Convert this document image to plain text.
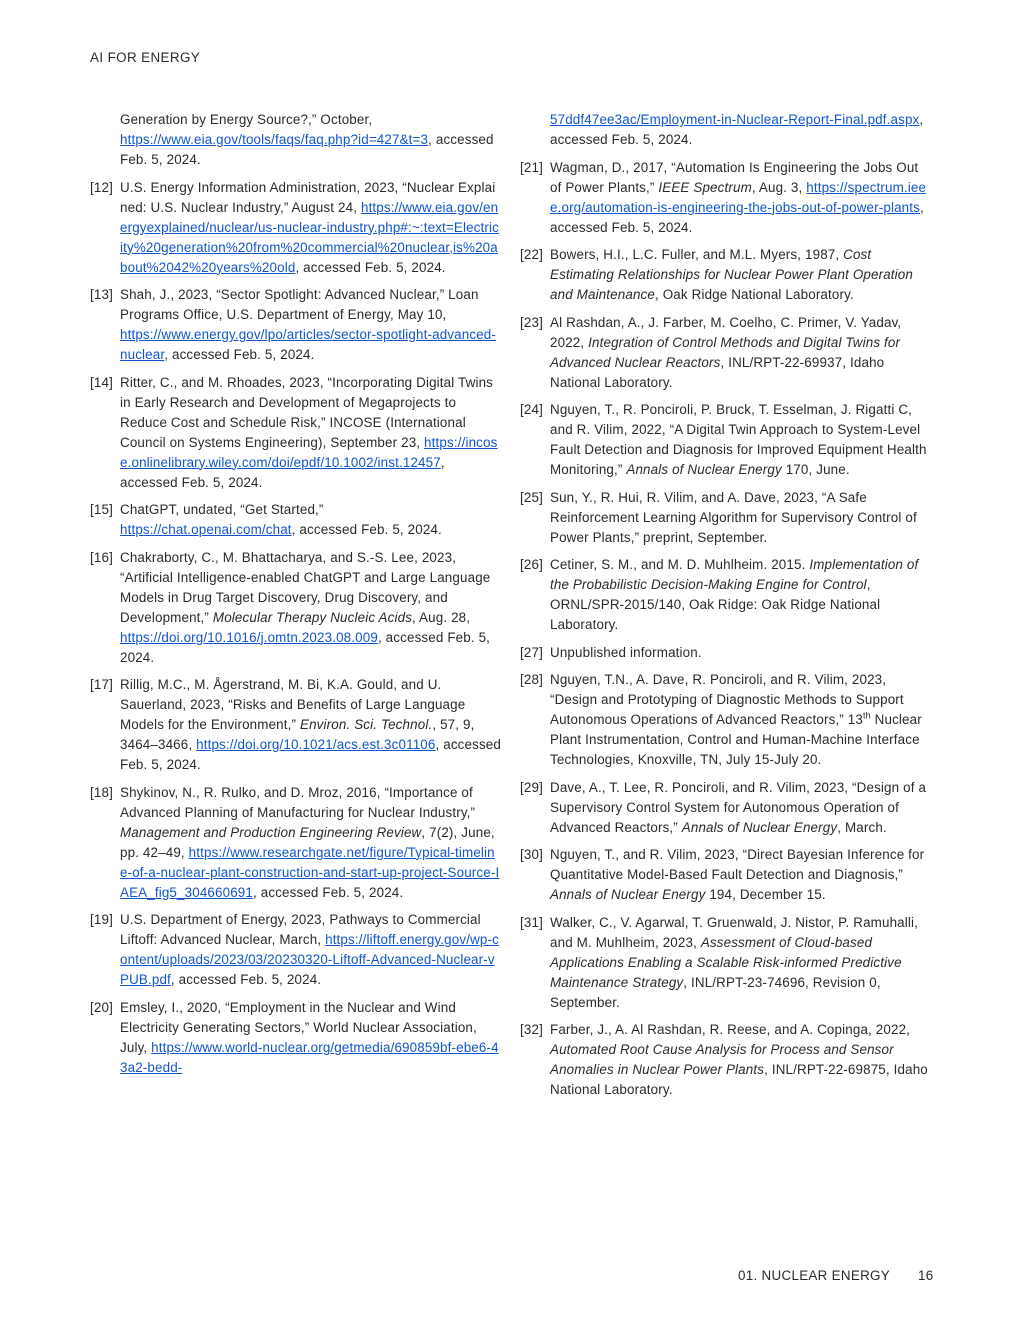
AI FOR ENERGY
Generation by Energy Source?,” October, https://www.eia.gov/tools/faqs/faq.php?id=427&t=3, accessed Feb. 5, 2024.
[12] U.S. Energy Information Administration, 2023, “Nuclear Explained: U.S. Nuclear Industry,” August 24, https://www.eia.gov/energyexplained/nuclear/us-nuclear-industry.php#:~:text=Electricity%20generation%20from%20commercial%20nuclear,is%20about%2042%20years%20old, accessed Feb. 5, 2024.
[13] Shah, J., 2023, “Sector Spotlight: Advanced Nuclear,” Loan Programs Office, U.S. Department of Energy, May 10, https://www.energy.gov/lpo/articles/sector-spotlight-advanced-nuclear, accessed Feb. 5, 2024.
[14] Ritter, C., and M. Rhoades, 2023, “Incorporating Digital Twins in Early Research and Development of Megaprojects to Reduce Cost and Schedule Risk,” INCOSE (International Council on Systems Engineering), September 23, https://incose.onlinelibrary.wiley.com/doi/epdf/10.1002/inst.12457, accessed Feb. 5, 2024.
[15] ChatGPT, undated, “Get Started,” https://chat.openai.com/chat, accessed Feb. 5, 2024.
[16] Chakraborty, C., M. Bhattacharya, and S.-S. Lee, 2023, “Artificial Intelligence-enabled ChatGPT and Large Language Models in Drug Target Discovery, Drug Discovery, and Development,” Molecular Therapy Nucleic Acids, Aug. 28, https://doi.org/10.1016/j.omtn.2023.08.009, accessed Feb. 5, 2024.
[17] Rillig, M.C., M. Ågerstrand, M. Bi, K.A. Gould, and U. Sauerland, 2023, “Risks and Benefits of Large Language Models for the Environment,” Environ. Sci. Technol., 57, 9, 3464–3466, https://doi.org/10.1021/acs.est.3c01106, accessed Feb. 5, 2024.
[18] Shykinov, N., R. Rulko, and D. Mroz, 2016, “Importance of Advanced Planning of Manufacturing for Nuclear Industry,” Management and Production Engineering Review, 7(2), June, pp. 42–49, https://www.researchgate.net/figure/Typical-timeline-of-a-nuclear-plant-construction-and-start-up-project-Source-IAEA_fig5_304660691, accessed Feb. 5, 2024.
[19] U.S. Department of Energy, 2023, Pathways to Commercial Liftoff: Advanced Nuclear, March, https://liftoff.energy.gov/wp-content/uploads/2023/03/20230320-Liftoff-Advanced-Nuclear-vPUB.pdf, accessed Feb. 5, 2024.
[20] Emsley, I., 2020, “Employment in the Nuclear and Wind Electricity Generating Sectors,” World Nuclear Association, July, https://www.world-nuclear.org/getmedia/690859bf-ebe6-43a2-bedd-
57ddf47ee3ac/Employment-in-Nuclear-Report-Final.pdf.aspx, accessed Feb. 5, 2024.
[21] Wagman, D., 2017, “Automation Is Engineering the Jobs Out of Power Plants,” IEEE Spectrum, Aug. 3, https://spectrum.ieee.org/automation-is-engineering-the-jobs-out-of-power-plants, accessed Feb. 5, 2024.
[22] Bowers, H.I., L.C. Fuller, and M.L. Myers, 1987, Cost Estimating Relationships for Nuclear Power Plant Operation and Maintenance, Oak Ridge National Laboratory.
[23] Al Rashdan, A., J. Farber, M. Coelho, C. Primer, V. Yadav, 2022, Integration of Control Methods and Digital Twins for Advanced Nuclear Reactors, INL/RPT-22-69937, Idaho National Laboratory.
[24] Nguyen, T., R. Ponciroli, P. Bruck, T. Esselman, J. Rigatti C, and R. Vilim, 2022, “A Digital Twin Approach to System-Level Fault Detection and Diagnosis for Improved Equipment Health Monitoring,” Annals of Nuclear Energy 170, June.
[25] Sun, Y., R. Hui, R. Vilim, and A. Dave, 2023, “A Safe Reinforcement Learning Algorithm for Supervisory Control of Power Plants,” preprint, September.
[26] Cetiner, S. M., and M. D. Muhlheim. 2015. Implementation of the Probabilistic Decision-Making Engine for Control, ORNL/SPR-2015/140, Oak Ridge: Oak Ridge National Laboratory.
[27] Unpublished information.
[28] Nguyen, T.N., A. Dave, R. Ponciroli, and R. Vilim, 2023, “Design and Prototyping of Diagnostic Methods to Support Autonomous Operations of Advanced Reactors,” 13th Nuclear Plant Instrumentation, Control and Human-Machine Interface Technologies, Knoxville, TN, July 15-July 20.
[29] Dave, A., T. Lee, R. Ponciroli, and R. Vilim, 2023, “Design of a Supervisory Control System for Autonomous Operation of Advanced Reactors,” Annals of Nuclear Energy, March.
[30] Nguyen, T., and R. Vilim, 2023, “Direct Bayesian Inference for Quantitative Model-Based Fault Detection and Diagnosis,” Annals of Nuclear Energy 194, December 15.
[31] Walker, C., V. Agarwal, T. Gruenwald, J. Nistor, P. Ramuhalli, and M. Muhlheim, 2023, Assessment of Cloud-based Applications Enabling a Scalable Risk-informed Predictive Maintenance Strategy, INL/RPT-23-74696, Revision 0, September.
[32] Farber, J., A. Al Rashdan, R. Reese, and A. Copinga, 2022, Automated Root Cause Analysis for Process and Sensor Anomalies in Nuclear Power Plants, INL/RPT-22-69875, Idaho National Laboratory.
01. NUCLEAR ENERGY 16
